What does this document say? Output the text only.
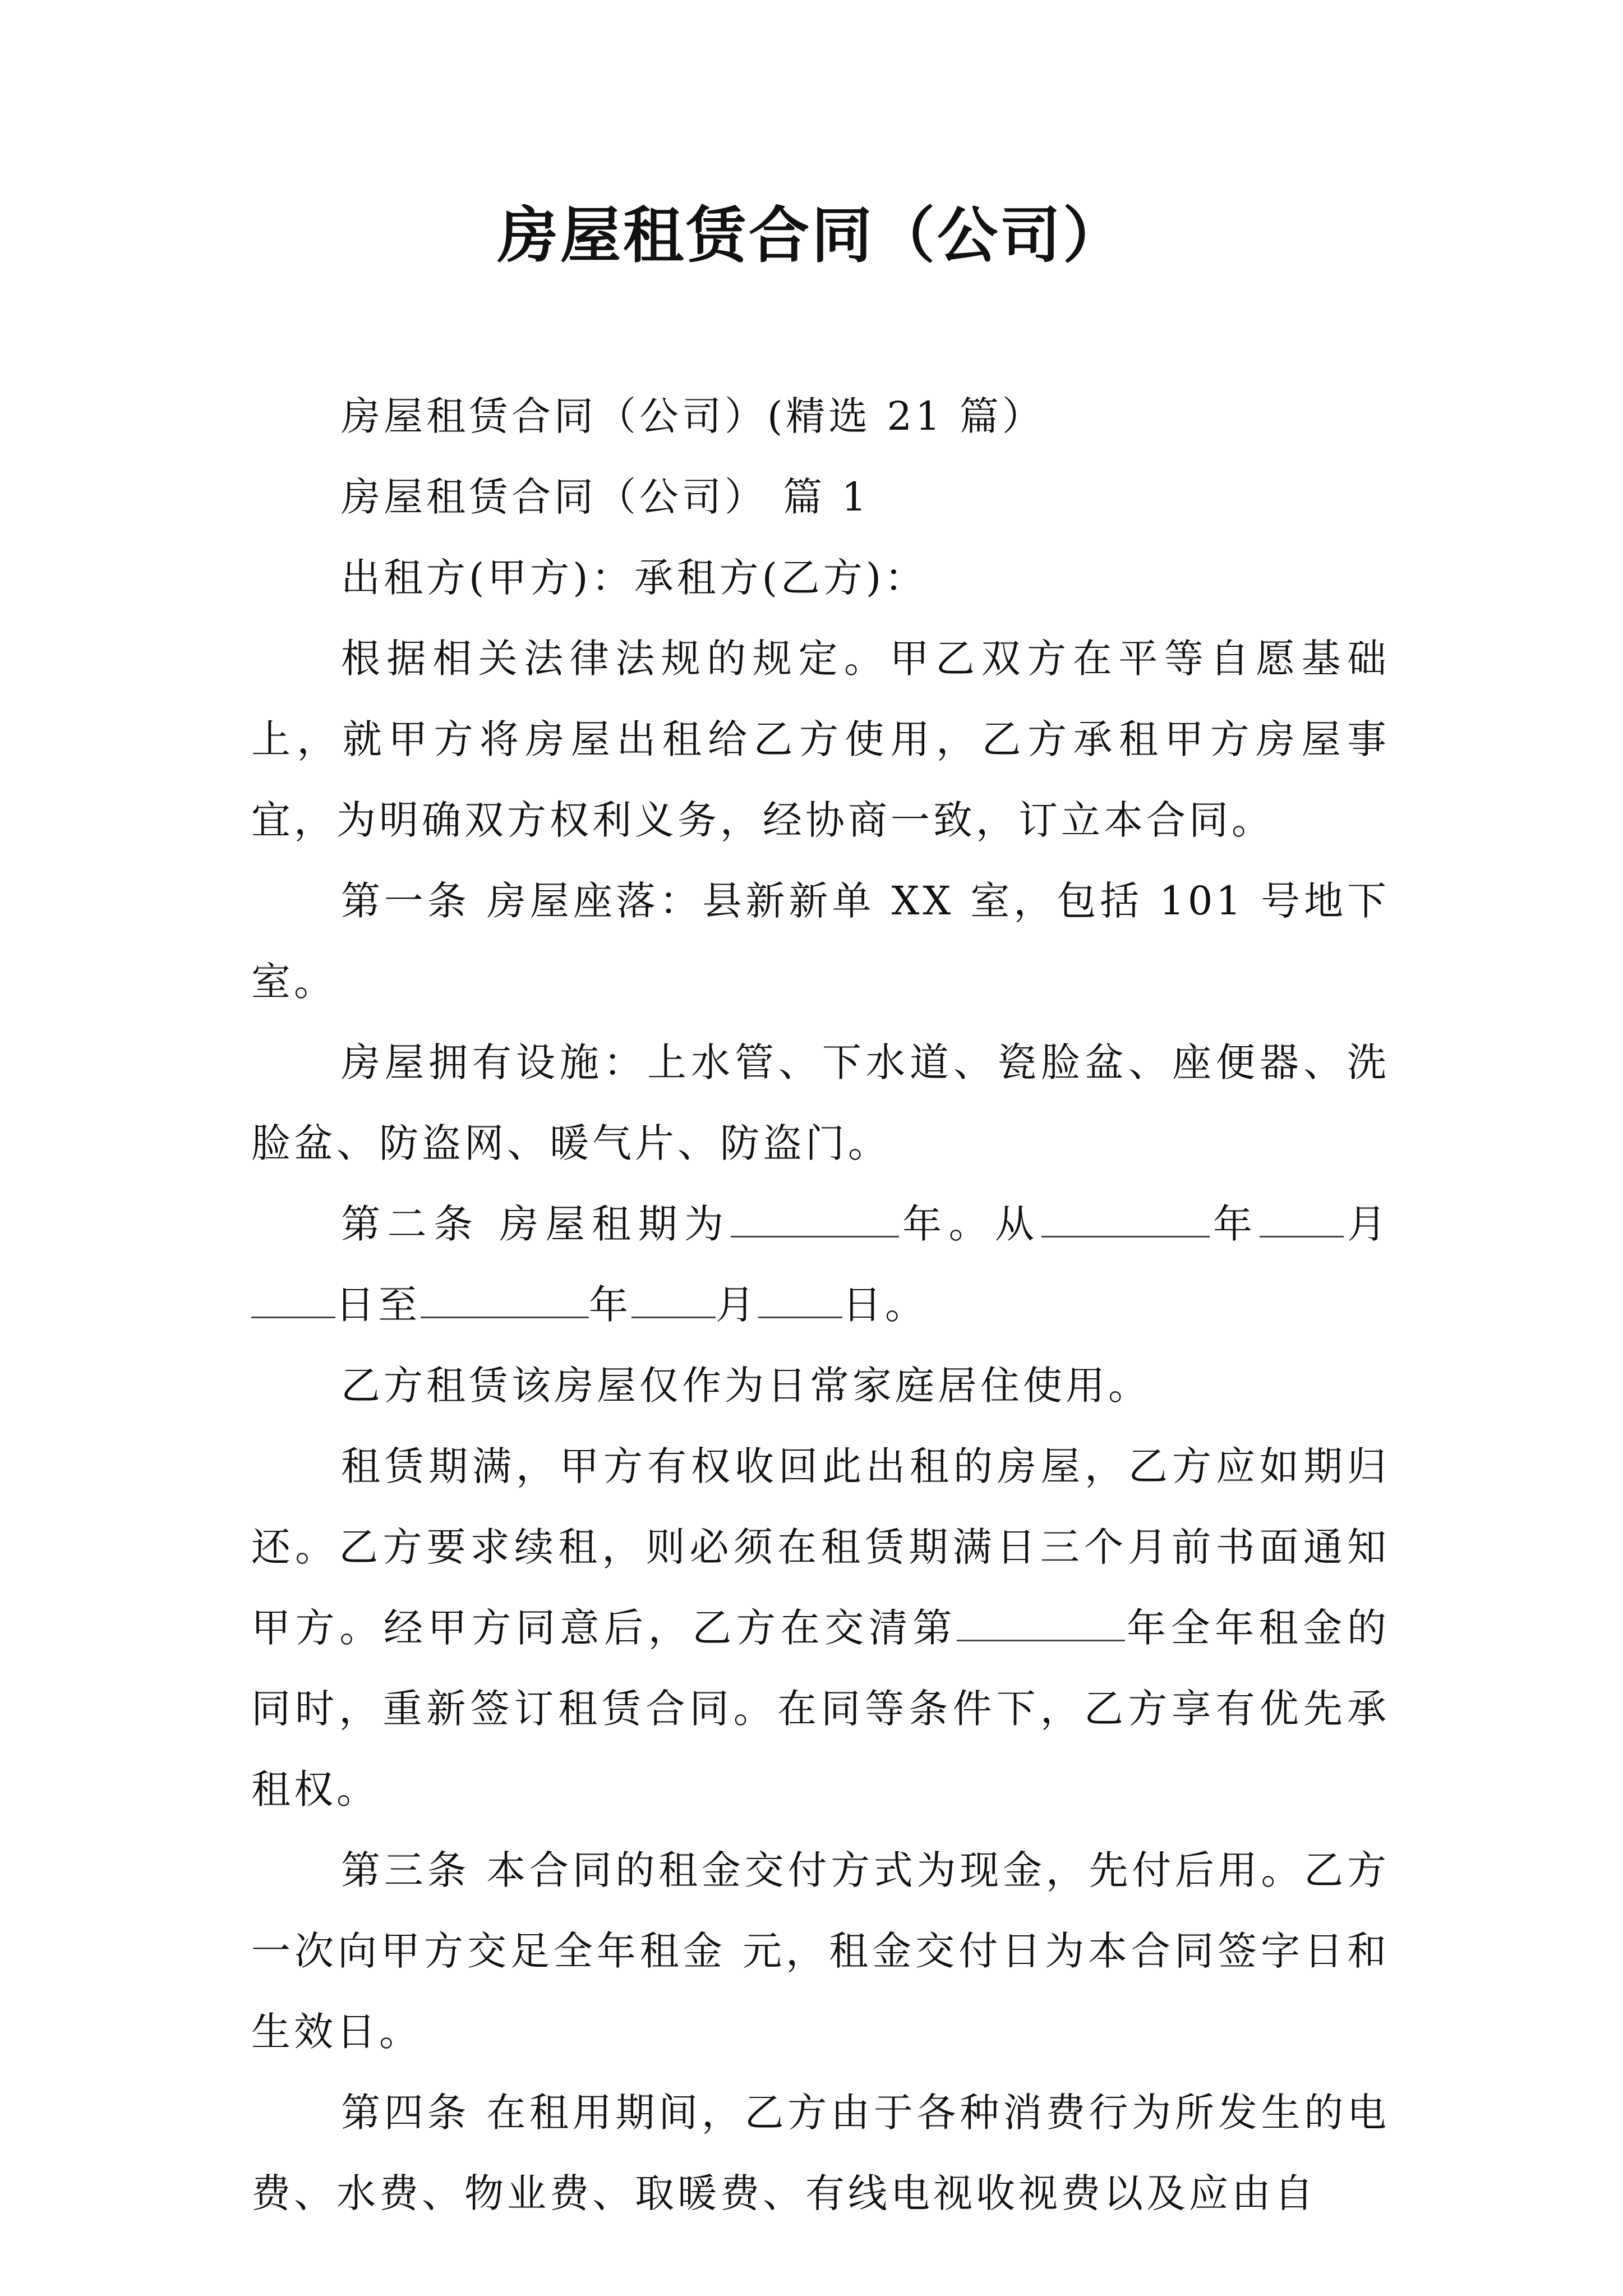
房屋租赁合同（公司）

房屋租赁合同（公司）(精选 21 篇）

房屋租赁合同（公司） 篇 1

出租方(甲方)：承租方(乙方)：

根据相关法律法规的规定。甲乙双方在平等自愿基础上，就甲方将房屋出租给乙方使用，乙方承租甲方房屋事宜，为明确双方权利义务，经协商一致，订立本合同。

第一条 房屋座落：县新新单 XX 室，包括 101 号地下室。

房屋拥有设施：上水管、下水道、瓷脸盆、座便器、洗脸盆、防盗网、暖气片、防盗门。

第二条 房屋租期为	年。从	年 月日至	年 月 日。

乙方租赁该房屋仅作为日常家庭居住使用。

租赁期满，甲方有权收回此出租的房屋，乙方应如期归还。乙方要求续租，则必须在租赁期满日三个月前书面通知甲方。经甲方同意后，乙方在交清第	年全年租金的同时，重新签订租赁合同。在同等条件下，乙方享有优先承租权。

第三条 本合同的租金交付方式为现金，先付后用。乙方一次向甲方交足全年租金 元，租金交付日为本合同签字日和生效日。

第四条 在租用期间，乙方由于各种消费行为所发生的电费、水费、物业费、取暖费、有线电视收视费以及应由自
